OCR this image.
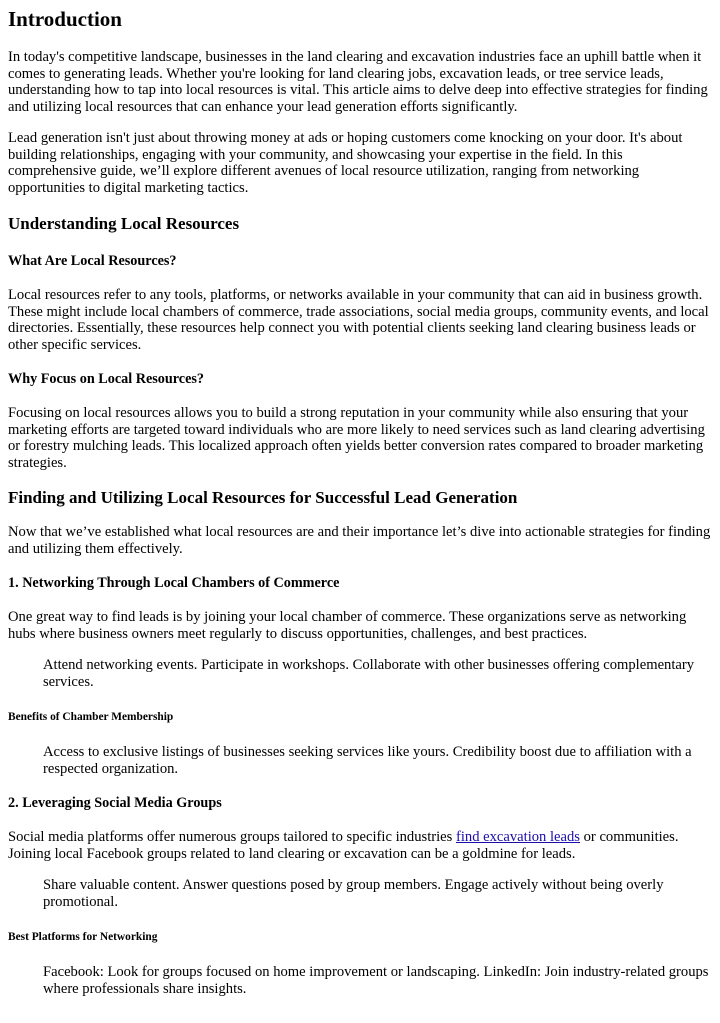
Introduction

In today's competitive landscape, businesses in the land clearing and excavation industries face an uphill battle when it comes to generating leads. Whether you're looking for land clearing jobs, excavation leads, or tree service leads, understanding how to tap into local resources is vital. This article aims to delve deep into effective strategies for finding and utilizing local resources that can enhance your lead generation efforts significantly.

Lead generation isn't just about throwing money at ads or hoping customers come knocking on your door. It's about building relationships, engaging with your community, and showcasing your expertise in the field. In this comprehensive guide, we’ll explore different avenues of local resource utilization, ranging from networking opportunities to digital marketing tactics.

Understanding Local Resources
What Are Local Resources?

Local resources refer to any tools, platforms, or networks available in your community that can aid in business growth. These might include local chambers of commerce, trade associations, social media groups, community events, and local directories. Essentially, these resources help connect you with potential clients seeking land clearing business leads or other specific services.

Why Focus on Local Resources?

Focusing on local resources allows you to build a strong reputation in your community while also ensuring that your marketing efforts are targeted toward individuals who are more likely to need services such as land clearing advertising or forestry mulching leads. This localized approach often yields better conversion rates compared to broader marketing strategies.

Finding and Utilizing Local Resources for Successful Lead Generation

Now that we’ve established what local resources are and their importance let’s dive into actionable strategies for finding and utilizing them effectively.

1. Networking Through Local Chambers of Commerce

One great way to find leads is by joining your local chamber of commerce. These organizations serve as networking hubs where business owners meet regularly to discuss opportunities, challenges, and best practices.

Attend networking events. Participate in workshops. Collaborate with other businesses offering complementary services.

Benefits of Chamber Membership

Access to exclusive listings of businesses seeking services like yours. Credibility boost due to affiliation with a respected organization.

2. Leveraging Social Media Groups

Social media platforms offer numerous groups tailored to specific industries find excavation leads or communities. Joining local Facebook groups related to land clearing or excavation can be a goldmine for leads.

Share valuable content. Answer questions posed by group members. Engage actively without being overly promotional.

Best Platforms for Networking

Facebook: Look for groups focused on home improvement or landscaping. LinkedIn: Join industry-related groups where professionals share insights.
